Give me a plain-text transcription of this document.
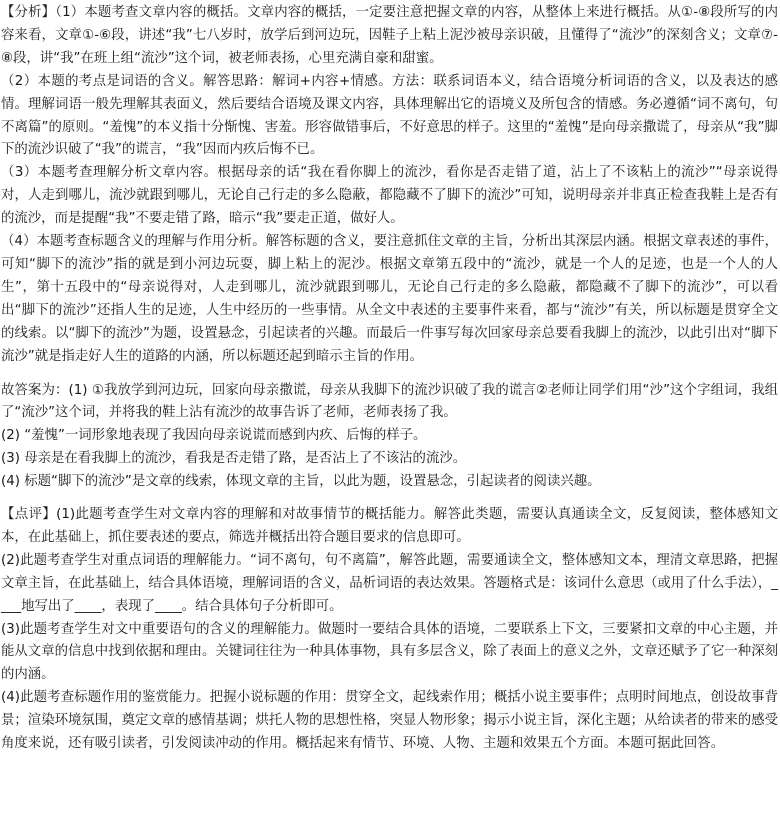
【分析】（1）本题考查文章内容的概括。文章内容的概括，一定要注意把握文章的内容，从整体上来进行概括。从①-⑧段所写的内容来看，文章①-⑥段，讲述“我”七八岁时，放学后到河边玩，因鞋子上粘上泥沙被母亲识破，且懂得了“流沙”的深刻含义；文章⑦-⑧段，讲“我”在班上组“流沙”这个词，被老师表扬，心里充满自豪和甜蜜。

（2）本题的考点是词语的含义。解答思路：解词+内容+情感。方法：联系词语本义，结合语境分析词语的含义，以及表达的感情。理解词语一般先理解其表面义，然后要结合语境及课文内容，具体理解出它的语境义及所包含的情感。务必遵循“词不离句，句不离篇”的原则。“羞愧”的本义指十分惭愧、害羞。形容做错事后，不好意思的样子。这里的“羞愧”是向母亲撒谎了，母亲从“我”脚下的流沙识破了“我”的谎言，“我”因而内疚后悔不已。

（3）本题考查理解分析文章内容。根据母亲的话“我在看你脚上的流沙，看你是否走错了道，沾上了不该粘上的流沙”“母亲说得对，人走到哪儿，流沙就跟到哪儿，无论自己行走的多么隐蔽，都隐藏不了脚下的流沙”可知，说明母亲并非真正检查我鞋上是否有的流沙，而是提醒“我”不要走错了路，暗示“我”要走正道，做好人。

（4）本题考查标题含义的理解与作用分析。解答标题的含义，要注意抓住文章的主旨，分析出其深层内涵。根据文章表述的事件，可知“脚下的流沙”指的就是到小河边玩耍，脚上粘上的泥沙。根据文章第五段中的“流沙，就是一个人的足迹，也是一个人的人生”，第十五段中的“母亲说得对，人走到哪儿，流沙就跟到哪儿，无论自己行走的多么隐蔽，都隐藏不了脚下的流沙”，可以看出“脚下的流沙”还指人生的足迹，人生中经历的一些事情。从全文中表述的主要事件来看，都与“流沙”有关，所以标题是贯穿全文的线索。以“脚下的流沙”为题，设置悬念，引起读者的兴趣。而最后一件事写每次回家母亲总要看我脚上的流沙，以此引出对“脚下流沙”就是指走好人生的道路的内涵，所以标题还起到暗示主旨的作用。

故答案为：(1) ①我放学到河边玩，回家向母亲撒谎，母亲从我脚下的流沙识破了我的谎言②老师让同学们用“沙”这个字组词，我组了“流沙”这个词，并将我的鞋上沾有流沙的故事告诉了老师，老师表扬了我。

(2) “羞愧”一词形象地表现了我因向母亲说谎而感到内疚、后悔的样子。

(3) 母亲是在看我脚上的流沙，看我是否走错了路，是否沾上了不该沾的流沙。

(4) 标题“脚下的流沙”是文章的线索，体现文章的主旨，以此为题，设置悬念，引起读者的阅读兴趣。

【点评】(1)此题考查学生对文章内容的理解和对故事情节的概括能力。解答此类题，需要认真通读全文，反复阅读，整体感知文本，在此基础上，抓住要表述的要点，筛选并概括出符合题目要求的信息即可。

(2)此题考查学生对重点词语的理解能力。“词不离句，句不离篇”，解答此题，需要通读全文，整体感知文本，理清文章思路，把握文章主旨，在此基础上，结合具体语境，理解词语的含义，品析词语的表达效果。答题格式是：该词什么意思（或用了什么手法），____地写出了____，表现了____。结合具体句子分析即可。

(3)此题考查学生对文中重要语句的含义的理解能力。做题时一要结合具体的语境，二要联系上下文，三要紧扣文章的中心主题，并能从文章的信息中找到依据和理由。关键词往往为一种具体事物，具有多层含义，除了表面上的意义之外，文章还赋予了它一种深刻的内涵。

(4)此题考查标题作用的鉴赏能力。把握小说标题的作用：贯穿全文，起线索作用；概括小说主要事件；点明时间地点，创设故事背景；渲染环境氛围，奠定文章的感情基调；烘托人物的思想性格，突显人物形象；揭示小说主旨，深化主题；从给读者的带来的感受角度来说，还有吸引读者，引发阅读冲动的作用。概括起来有情节、环境、人物、主题和效果五个方面。本题可据此回答。
